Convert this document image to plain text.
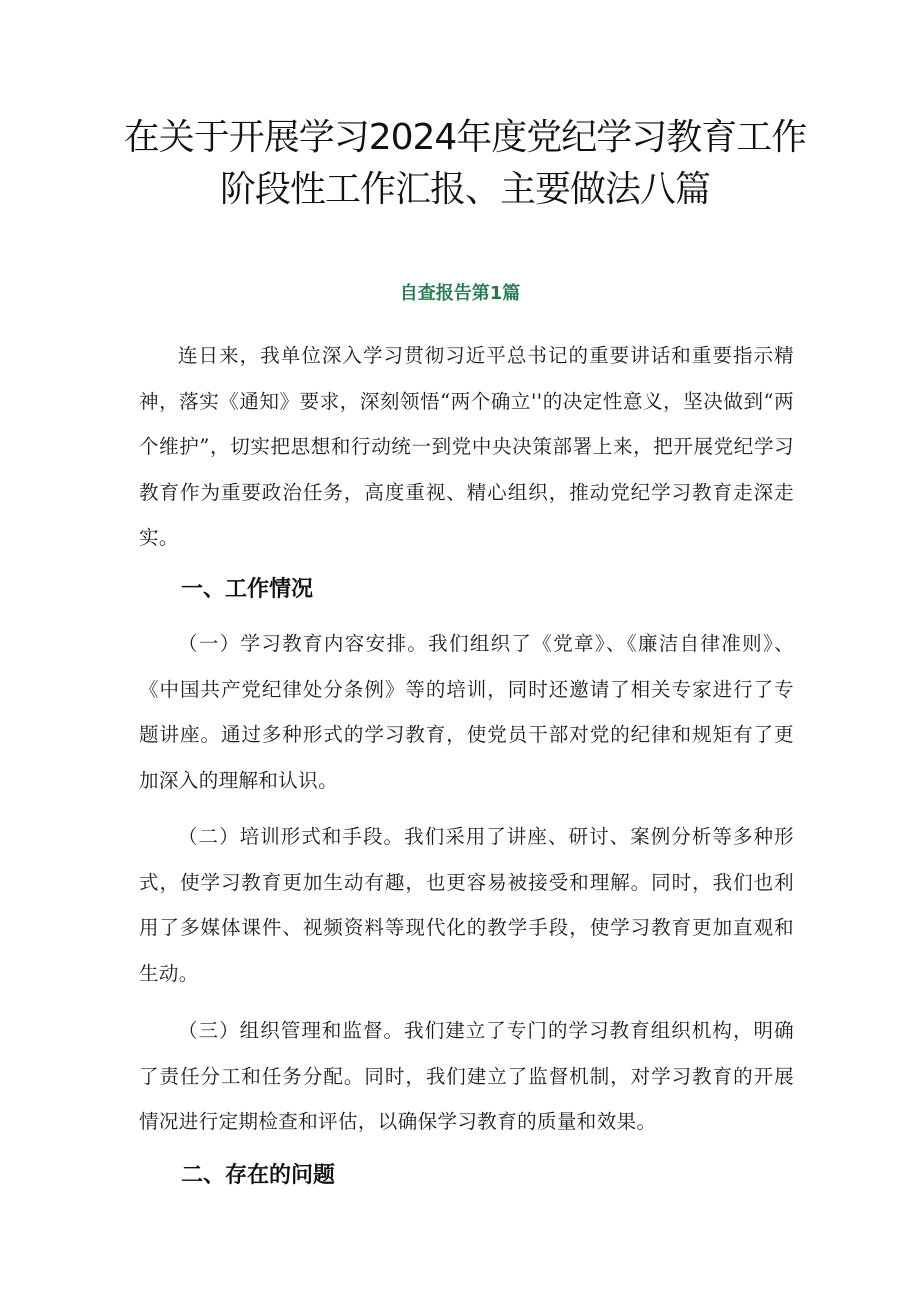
在关于开展学习2024年度党纪学习教育工作阶段性工作汇报、主要做法八篇
自查报告第1篇

连日来，我单位深入学习贯彻习近平总书记的重要讲话和重要指示精神，落实《通知》要求，深刻领悟“两个确立''的决定性意义，坚决做到“两个维护”，切实把思想和行动统一到党中央决策部署上来，把开展党纪学习教育作为重要政治任务，高度重视、精心组织，推动党纪学习教育走深走实。

一、工作情况

（一）学习教育内容安排。我们组织了《党章》、《廉洁自律准则》、《中国共产党纪律处分条例》等的培训，同时还邀请了相关专家进行了专题讲座。通过多种形式的学习教育，使党员干部对党的纪律和规矩有了更加深入的理解和认识。

（二）培训形式和手段。我们采用了讲座、研讨、案例分析等多种形式，使学习教育更加生动有趣，也更容易被接受和理解。同时，我们也利用了多媒体课件、视频资料等现代化的教学手段，使学习教育更加直观和生动。

（三）组织管理和监督。我们建立了专门的学习教育组织机构，明确了责任分工和任务分配。同时，我们建立了监督机制，对学习教育的开展情况进行定期检查和评估，以确保学习教育的质量和效果。

二、存在的问题
